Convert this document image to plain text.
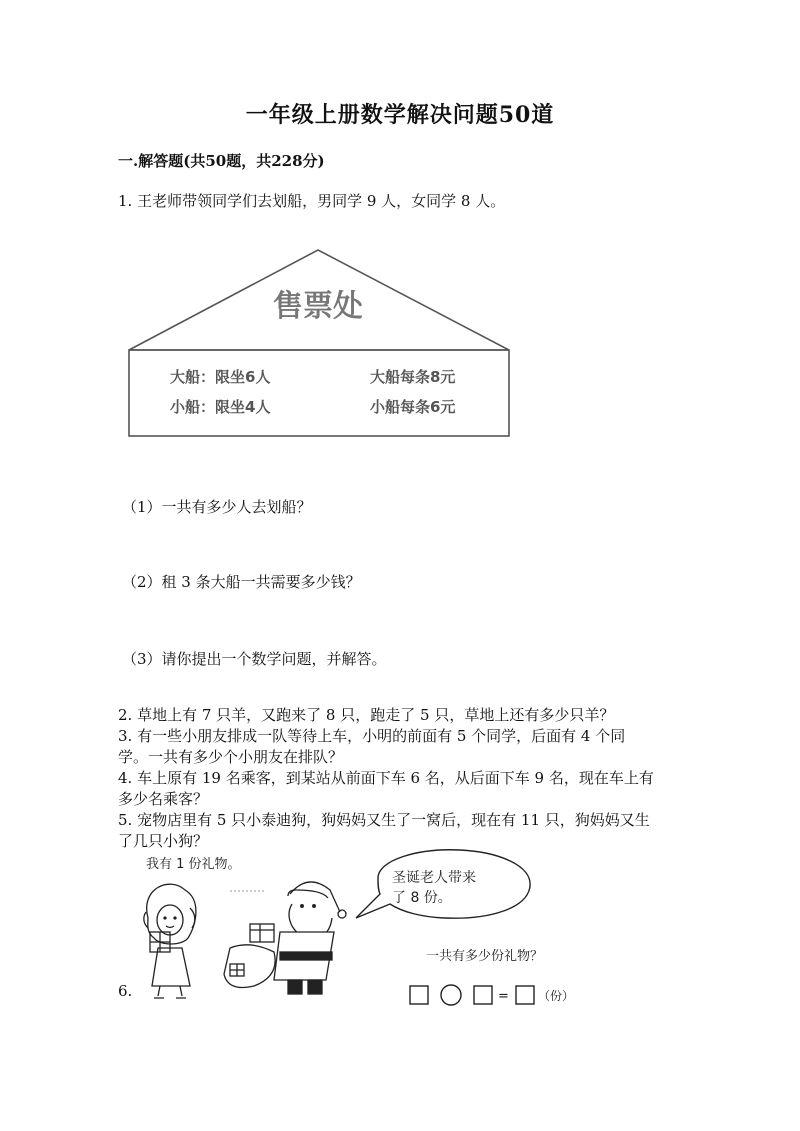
一年级上册数学解决问题50道
一.解答题(共50题，共228分)
1. 王老师带领同学们去划船，男同学 9 人，女同学 8 人。
售票处
大船：限坐6人
小船：限坐4人
大船每条8元
小船每条6元
（1）一共有多少人去划船？
（2）租 3 条大船一共需要多少钱？
（3）请你提出一个数学问题，并解答。
2. 草地上有 7 只羊，又跑来了 8 只，跑走了 5 只，草地上还有多少只羊？
3. 有一些小朋友排成一队等待上车，小明的前面有 5 个同学，后面有 4 个同
学。一共有多少个小朋友在排队？
4. 车上原有 19 名乘客，到某站从前面下车 6 名，从后面下车 9 名，现在车上有
多少名乘客？
5. 宠物店里有 5 只小泰迪狗，狗妈妈又生了一窝后，现在有 11 只，狗妈妈又生
了几只小狗？
6.
我有 1 份礼物。
圣诞老人带来
了 8 份。
一共有多少份礼物？
= （份）
